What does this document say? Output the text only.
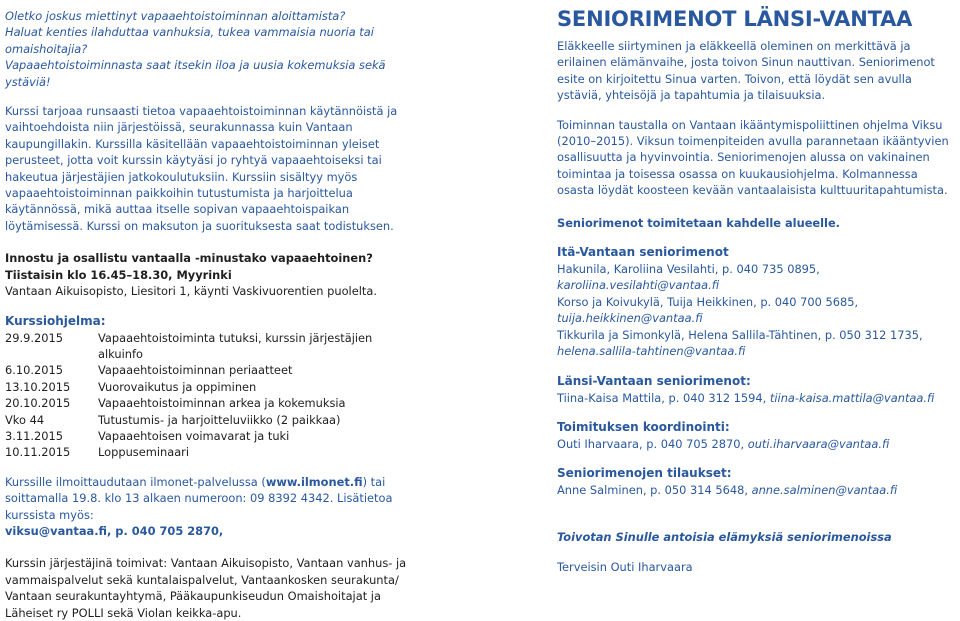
Oletko joskus miettinyt vapaaehtoistoiminnan aloittamista?

Haluat kenties ilahduttaa vanhuksia, tukea vammaisia nuoria tai omaishoitajia?

Vapaaehtoistoiminnasta saat itsekin iloa ja uusia kokemuksia sekä ystäviä!

Kurssi tarjoaa runsaasti tietoa vapaaehtoistoiminnan käytännöistä ja vaihtoehdoista niin järjestöissä, seurakunnassa kuin Vantaan kaupungillakin. Kurssilla käsitellään vapaaehtoistoiminnan yleiset perusteet, jotta voit kurssin käytyäsi jo ryhtyä vapaaehtoiseksi tai hakeutua järjestäjien jatkokoulutuksiin. Kurssiin sisältyy myös vapaaehtoistoiminnan paikkoihin tutustumista ja harjoittelua käytännössä, mikä auttaa itselle sopivan vapaaehtoispaikan löytämisessä. Kurssi on maksuton ja suorituksesta saat todistuksen.

Innostu ja osallistu vantaalla -minustako vapaaehtoinen?

Tiistaisin klo 16.45–18.30, Myyrinki

Vantaan Aikuisopisto, Liesitori 1, käynti Vaskivuorentien puolelta.

Kurssiohjelma:
29.9.2015	Vapaaehtoistoiminta tutuksi, kurssin järjestäjien alkuinfo
6.10.2015	Vapaaehtoistoiminnan periaatteet
13.10.2015	Vuorovaikutus ja oppiminen
20.10.2015	Vapaaehtoistoiminnan arkea ja kokemuksia
Vko 44	Tutustumis- ja harjoitteluviikko (2 paikkaa)
3.11.2015	Vapaaehtoisen voimavarat ja tuki
10.11.2015	Loppuseminaari

Kurssille ilmoittaudutaan ilmonet-palvelussa (www.ilmonet.fi) tai soittamalla 19.8. klo 13 alkaen numeroon: 09 8392 4342. Lisätietoa kurssista myös:

viksu@vantaa.fi, p. 040 705 2870,

Kurssin järjestäjinä toimivat: Vantaan Aikuisopisto, Vantaan vanhus- ja vammaispalvelut sekä kuntalaispalvelut, Vantaankosken seurakunta/ Vantaan seurakuntayhtymä, Pääkaupunkiseudun Omaishoitajat ja Läheiset ry POLLI sekä Violan keikka-apu.

SENIORIMENOT LÄNSI-VANTAA

Eläkkeelle siirtyminen ja eläkkeellä oleminen on merkittävä ja erilainen elämänvaihe, josta toivon Sinun nauttivan. Seniorimenot esite on kirjoitettu Sinua varten. Toivon, että löydät sen avulla ystäviä, yhteisöjä ja tapahtumia ja tilaisuuksia.

Toiminnan taustalla on Vantaan ikääntymispoliittinen ohjelma Viksu (2010–2015). Viksun toimenpiteiden avulla parannetaan ikääntyvien osallisuutta ja hyvinvointia. Seniorimenojen alussa on vakinainen toimintaa ja toisessa osassa on kuukausiohjelma. Kolmannessa osasta löydät koosteen kevään vantaalaisista kulttuuritapahtumista.

Seniorimenot toimitetaan kahdelle alueelle.

Itä-Vantaan seniorimenot

Hakunila, Karoliina Vesilahti, p. 040 735 0895, karoliina.vesilahti@vantaa.fi

Korso ja Koivukylä, Tuija Heikkinen, p. 040 700 5685, tuija.heikkinen@vantaa.fi

Tikkurila ja Simonkylä, Helena Sallila-Tähtinen, p. 050 312 1735, helena.sallila-tahtinen@vantaa.fi

Länsi-Vantaan seniorimenot:

Tiina-Kaisa Mattila, p. 040 312 1594, tiina-kaisa.mattila@vantaa.fi

Toimituksen koordinointi:

Outi Iharvaara, p. 040 705 2870, outi.iharvaara@vantaa.fi

Seniorimenojen tilaukset:

Anne Salminen, p. 050 314 5648, anne.salminen@vantaa.fi

Toivotan Sinulle antoisia elämyksiä seniorimenoissa

Terveisin Outi Iharvaara
